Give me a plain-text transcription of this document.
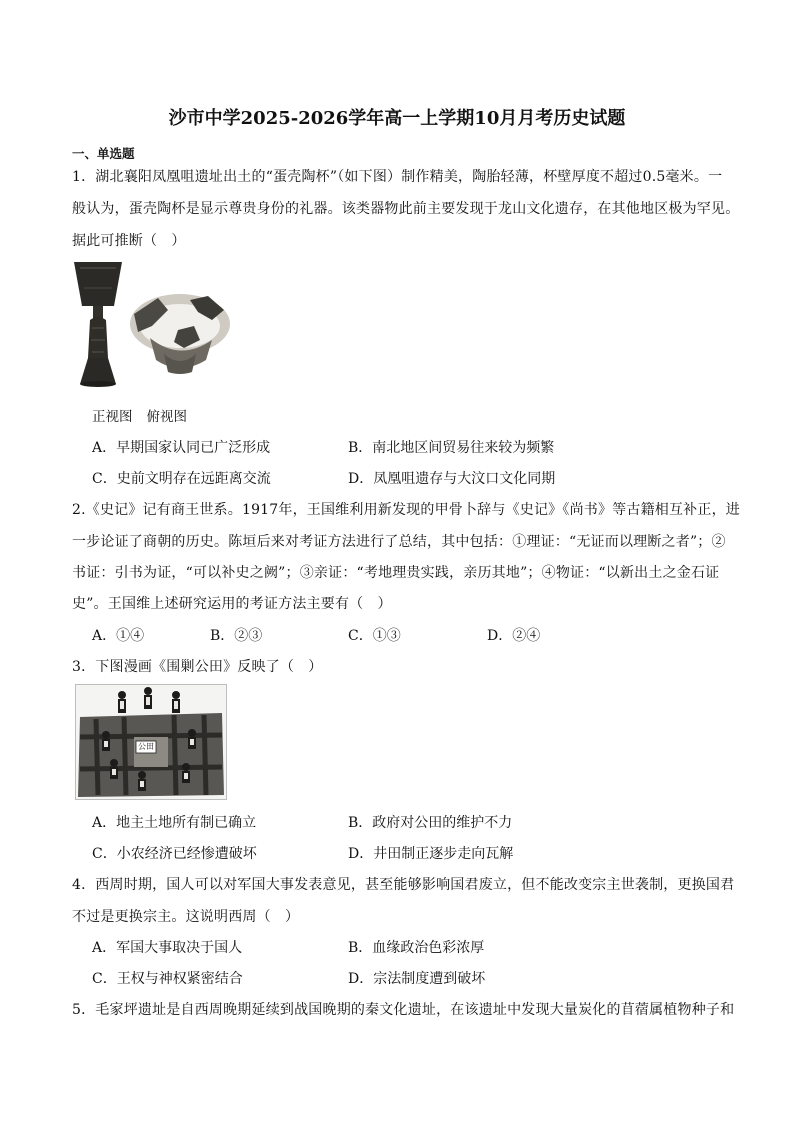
沙市中学2025-2026学年高一上学期10月月考历史试题
一、单选题
1．湖北襄阳凤凰咀遗址出土的“蛋壳陶杯”（如下图）制作精美，陶胎轻薄，杯壁厚度不超过0.5毫米。一
般认为，蛋壳陶杯是显示尊贵身份的礼器。该类器物此前主要发现于龙山文化遗存，在其他地区极为罕见。
据此可推断（　）
正视图 俯视图
A．早期国家认同已广泛形成	B．南北地区间贸易往来较为频繁
C．史前文明存在远距离交流	D．凤凰咀遗存与大汶口文化同期
2.《史记》记有商王世系。1917年，王国维利用新发现的甲骨卜辞与《史记》《尚书》等古籍相互补正，进
一步论证了商朝的历史。陈垣后来对考证方法进行了总结，其中包括：①理证：“无证而以理断之者”；②
书证：引书为证，“可以补史之阙”；③亲证：“考地理贵实践，亲历其地”；④物证：“以新出土之金石证
史”。王国维上述研究运用的考证方法主要有（　）
A．①④	B．②③	C．①③	D．②④
3．下图漫画《围剿公田》反映了（　）
公田
A．地主土地所有制已确立	B．政府对公田的维护不力
C．小农经济已经惨遭破坏	D．井田制正逐步走向瓦解
4．西周时期，国人可以对军国大事发表意见，甚至能够影响国君废立，但不能改变宗主世袭制，更换国君
不过是更换宗主。这说明西周（　）
A．军国大事取决于国人	B．血缘政治色彩浓厚
C．王权与神权紧密结合	D．宗法制度遭到破坏
5．毛家坪遗址是自西周晚期延续到战国晚期的秦文化遗址，在该遗址中发现大量炭化的苜蓿属植物种子和
